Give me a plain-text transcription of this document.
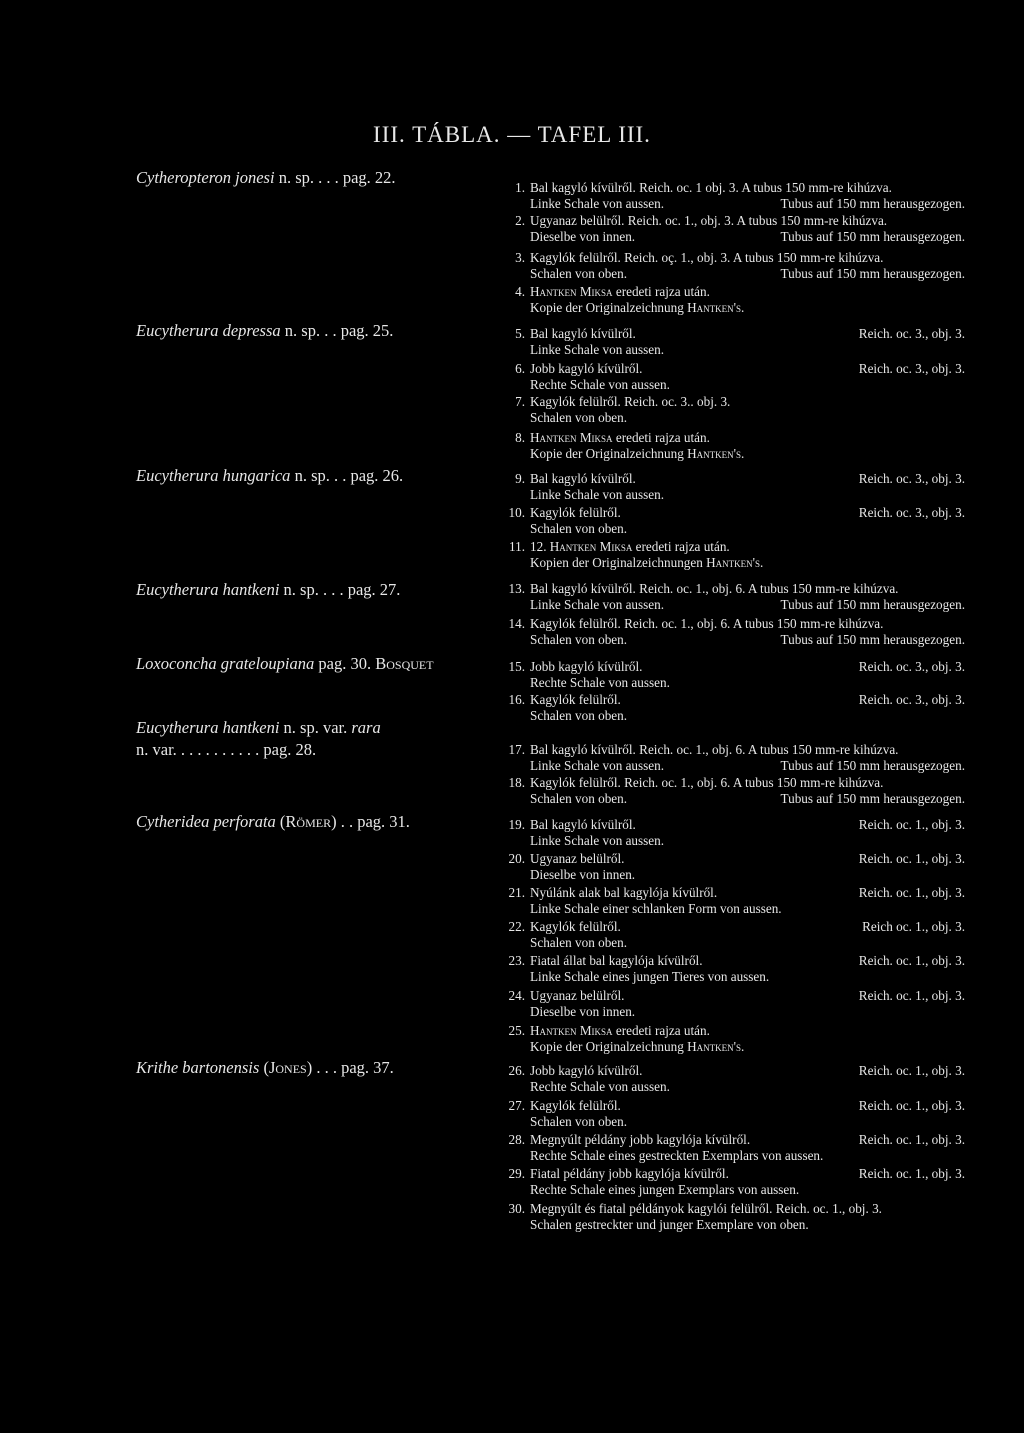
III. TÁBLA. — TAFEL III.
Cytheropteron jonesi n. sp. . . . pag. 22.
Eucytherura depressa n. sp. . . pag. 25.
Eucytherura hungarica n. sp. . . pag. 26.
Eucytherura hantkeni n. sp. . . . pag. 27.
Loxoconcha grateloupiana pag. 30. Bosquet
Eucytherura hantkeni n. sp. var. rara
n. var. . . . . . . . . . . pag. 28.
Cytheridea perforata (Römer) . . pag. 31.
Krithe bartonensis (Jones) . . . pag. 37.
1. Bal kagyló kívülről. Reich. oc. 1 obj. 3. A tubus 150 mm-re kihúzva.
Linke Schale von aussen.	Tubus auf 150 mm herausgezogen.
2. Ugyanaz belülről. Reich. oc. 1., obj. 3. A tubus 150 mm-re kihúzva.
Dieselbe von innen.	Tubus auf 150 mm herausgezogen.
3. Kagylók felülről. Reich. oç. 1., obj. 3. A tubus 150 mm-re kihúzva.
Schalen von oben.	Tubus auf 150 mm herausgezogen.
4. Hantken Miksa eredeti rajza után.
Kopie der Originalzeichnung Hantken's.
5. Bal kagyló kívülről.	Reich. oc. 3., obj. 3.
Linke Schale von aussen.
6. Jobb kagyló kívülről.	Reich. oc. 3., obj. 3.
Rechte Schale von aussen.
7. Kagylók felülről. Reich. oc. 3.. obj. 3.
Schalen von oben.
8. Hantken Miksa eredeti rajza után.
Kopie der Originalzeichnung Hantken's.
9. Bal kagyló kívülről.	Reich. oc. 3., obj. 3.
Linke Schale von aussen.
10. Kagylók felülről.	Reich. oc. 3., obj. 3.
Schalen von oben.
11. 12. Hantken Miksa eredeti rajza után.
Kopien der Originalzeichnungen Hantken's.
13. Bal kagyló kívülről. Reich. oc. 1., obj. 6. A tubus 150 mm-re kihúzva.
Linke Schale von aussen.	Tubus auf 150 mm herausgezogen.
14. Kagylók felülről. Reich. oc. 1., obj. 6. A tubus 150 mm-re kihúzva.
Schalen von oben.	Tubus auf 150 mm herausgezogen.
15. Jobb kagyló kívülről.	Reich. oc. 3., obj. 3.
Rechte Schale von aussen.
16. Kagylók felülről.	Reich. oc. 3., obj. 3.
Schalen von oben.
17. Bal kagyló kívülről. Reich. oc. 1., obj. 6. A tubus 150 mm-re kihúzva.
Linke Schale von aussen.	Tubus auf 150 mm herausgezogen.
18. Kagylók felülről. Reich. oc. 1., obj. 6. A tubus 150 mm-re kihúzva.
Schalen von oben.	Tubus auf 150 mm herausgezogen.
19. Bal kagyló kívülről.	Reich. oc. 1., obj. 3.
Linke Schale von aussen.
20. Ugyanaz belülről.	Reich. oc. 1., obj. 3.
Dieselbe von innen.
21. Nyúlánk alak bal kagylója kívülről.	Reich. oc. 1., obj. 3.
Linke Schale einer schlanken Form von aussen.
22. Kagylók felülről.	Reich oc. 1., obj. 3.
Schalen von oben.
23. Fiatal állat bal kagylója kívülről.	Reich. oc. 1., obj. 3.
Linke Schale eines jungen Tieres von aussen.
24. Ugyanaz belülről.	Reich. oc. 1., obj. 3.
Dieselbe von innen.
25. Hantken Miksa eredeti rajza után.
Kopie der Originalzeichnung Hantken's.
26. Jobb kagyló kívülről.	Reich. oc. 1., obj. 3.
Rechte Schale von aussen.
27. Kagylók felülről.	Reich. oc. 1., obj. 3.
Schalen von oben.
28. Megnyúlt példány jobb kagylója kívülről.	Reich. oc. 1., obj. 3.
Rechte Schale eines gestreckten Exemplars von aussen.
29. Fiatal példány jobb kagylója kívülről.	Reich. oc. 1., obj. 3.
Rechte Schale eines jungen Exemplars von aussen.
30. Megnyúlt és fiatal példányok kagylói felülről. Reich. oc. 1., obj. 3.
Schalen gestreckter und junger Exemplare von oben.
